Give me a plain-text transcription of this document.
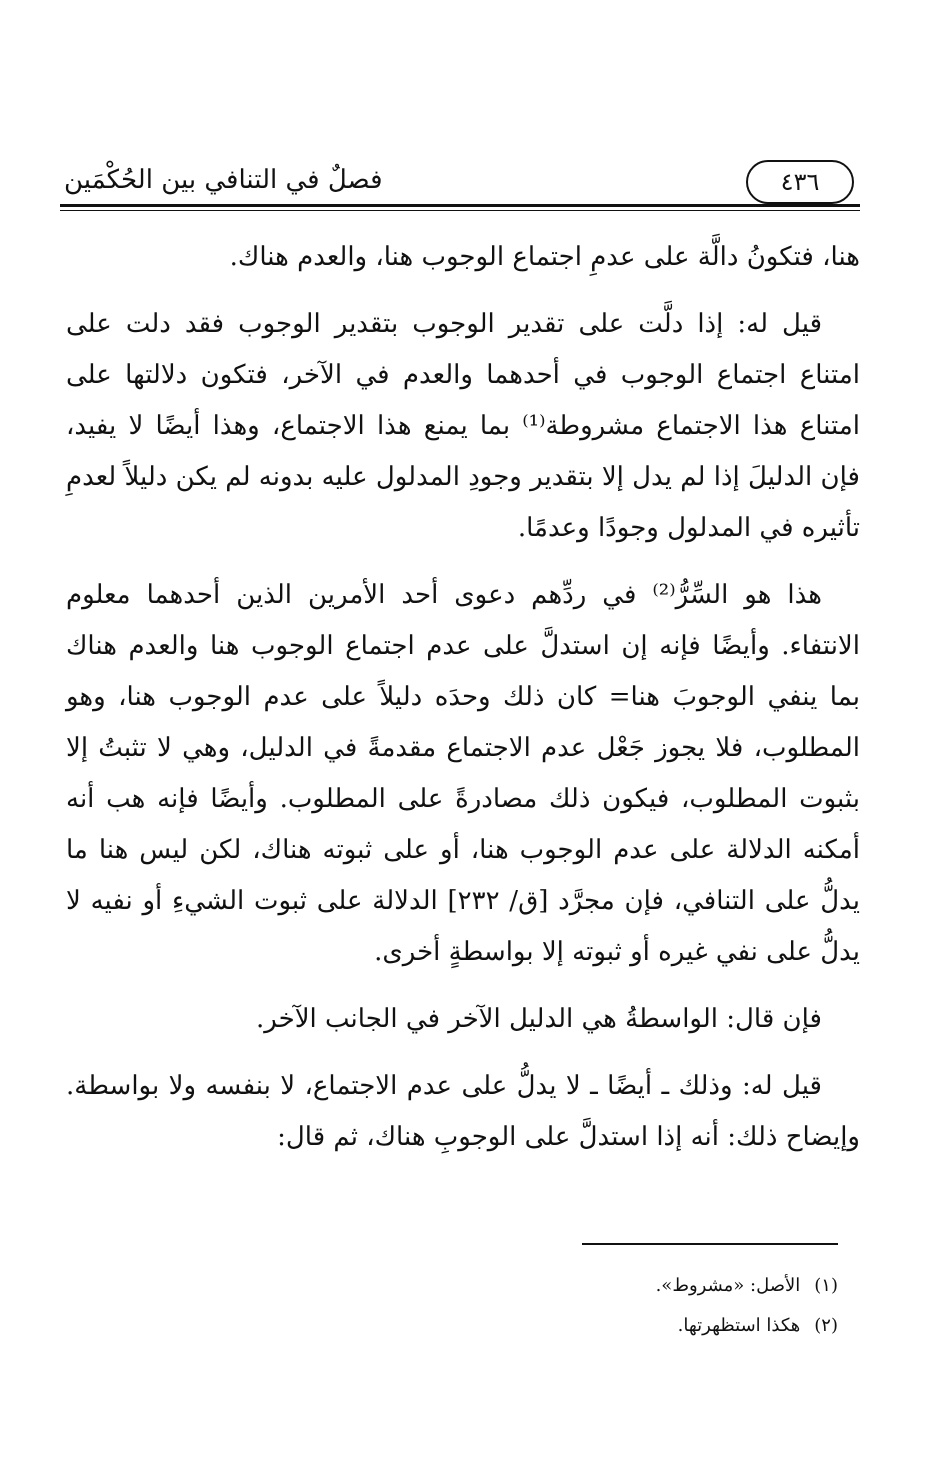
٤٣٦
فصلٌ في التنافي بين الحُكْمَين

هنا، فتكونُ دالَّة على عدمِ اجتماع الوجوب هنا، والعدم هناك.

قيل له: إذا دلَّت على تقدير الوجوب بتقدير الوجوب فقد دلت على امتناع اجتماع الوجوب في أحدهما والعدم في الآخر، فتكون دلالتها على امتناع هذا الاجتماع مشروطة⁽¹⁾ بما يمنع هذا الاجتماع، وهذا أيضًا لا يفيد، فإن الدليلَ إذا لم يدل إلا بتقدير وجودِ المدلول عليه بدونه لم يكن دليلاً لعدمِ تأثيره في المدلول وجودًا وعدمًا.

هذا هو السِّرُّ⁽²⁾ في ردِّهم دعوى أحد الأمرين الذين أحدهما معلوم الانتفاء. وأيضًا فإنه إن استدلَّ على عدم اجتماع الوجوب هنا والعدم هناك بما ينفي الوجوبَ هنا= كان ذلك وحدَه دليلاً على عدم الوجوب هنا، وهو المطلوب، فلا يجوز جَعْل عدم الاجتماع مقدمةً في الدليل، وهي لا تثبتُ إلا بثبوت المطلوب، فيكون ذلك مصادرةً على المطلوب. وأيضًا فإنه هب أنه أمكنه الدلالة على عدم الوجوب هنا، أو على ثبوته هناك، لكن ليس هنا ما يدلُّ على التنافي، فإن مجرَّد [ق/ ٢٣٢] الدلالة على ثبوت الشيءِ أو نفيه لا يدلُّ على نفي غيره أو ثبوته إلا بواسطةٍ أخرى.

فإن قال: الواسطةُ هي الدليل الآخر في الجانب الآخر.

قيل له: وذلك ـ أيضًا ـ لا يدلُّ على عدم الاجتماع، لا بنفسه ولا بواسطة. وإيضاح ذلك: أنه إذا استدلَّ على الوجوبِ هناك، ثم قال:

(١)
الأصل: «مشروط».
(٢)
هكذا استظهرتها.
